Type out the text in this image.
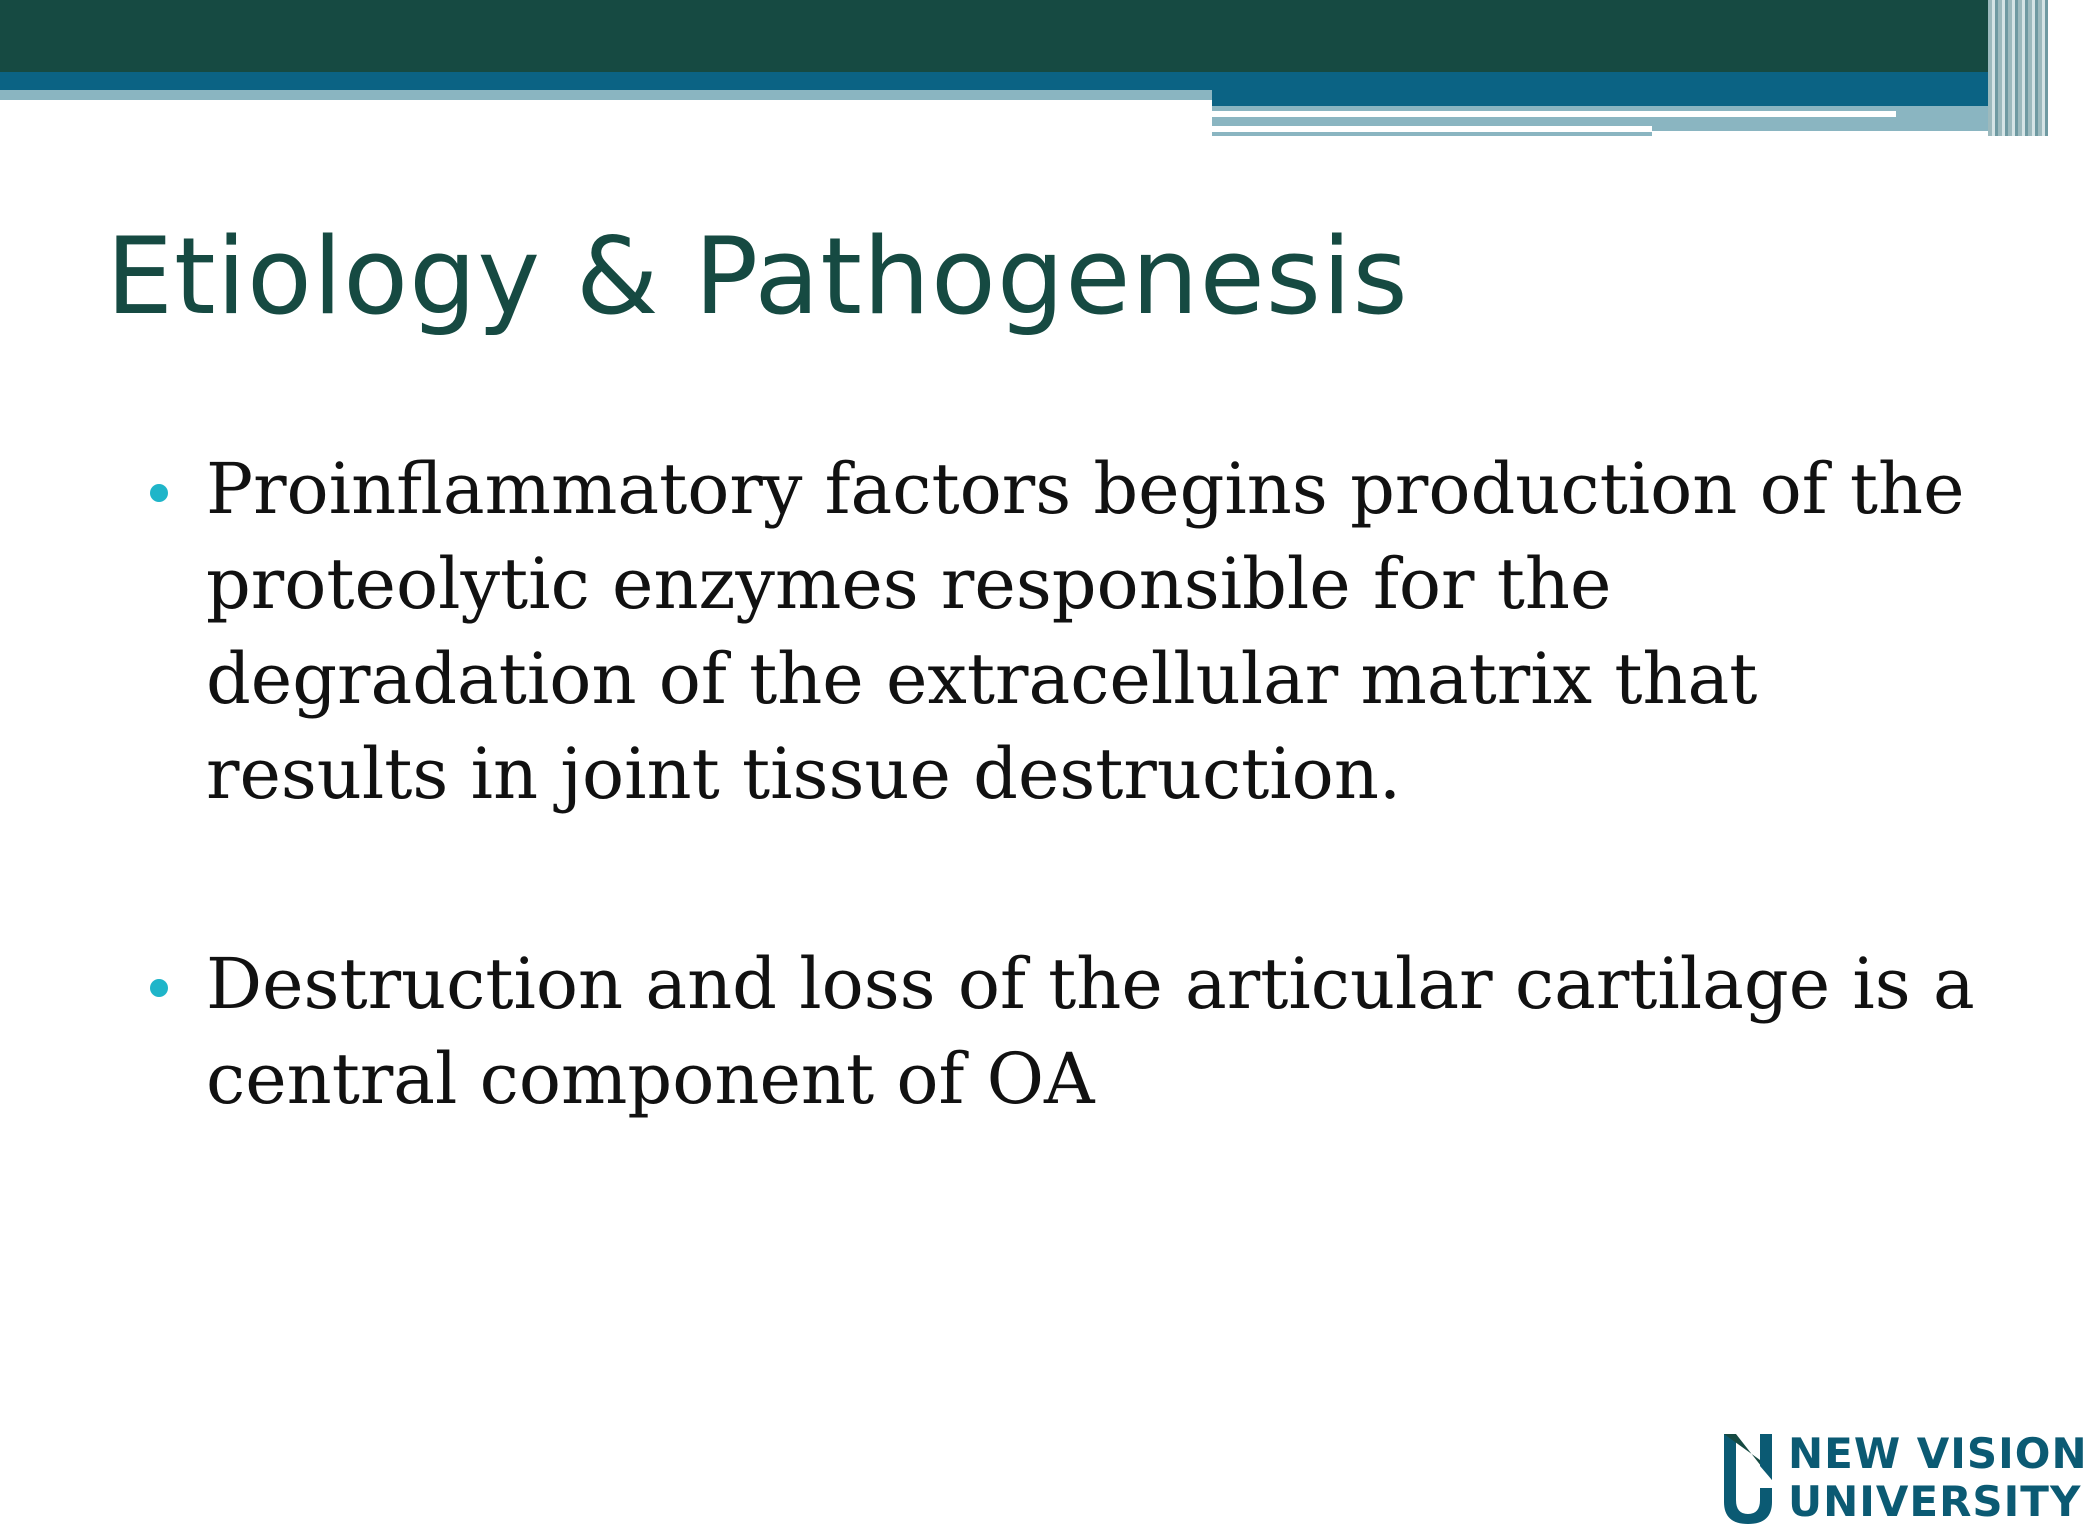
Etiology & Pathogenesis
Proinflammatory factors begins production of the proteolytic enzymes responsible for the degradation of the extracellular matrix that results in joint tissue destruction.
Destruction and loss of the articular cartilage is a central component of OA
NEW VISION
UNIVERSITY
